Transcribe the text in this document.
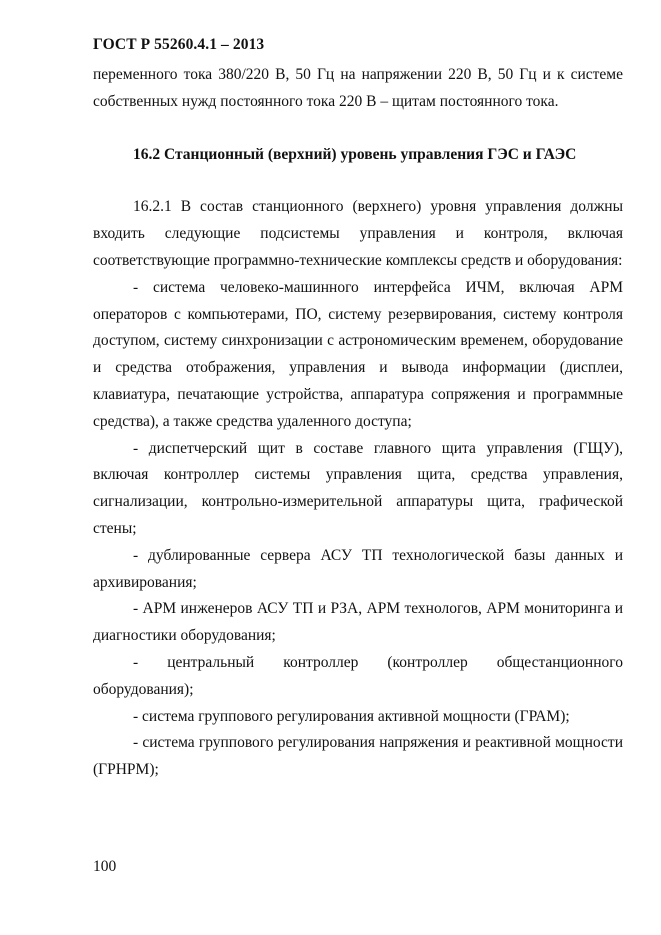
ГОСТ Р 55260.4.1 – 2013

переменного тока 380/220 В, 50 Гц на напряжении 220 В, 50 Гц и к системе собственных нужд постоянного тока 220 В – щитам постоянного тока.

16.2 Станционный (верхний) уровень управления ГЭС и ГАЭС

16.2.1 В состав станционного (верхнего) уровня управления должны входить следующие подсистемы управления и контроля, включая соответствующие программно-технические комплексы средств и оборудования:

- система человеко-машинного интерфейса ИЧМ, включая АРМ операторов с компьютерами, ПО, систему резервирования, систему контроля доступом, систему синхронизации с астрономическим временем, оборудование и средства отображения, управления и вывода информации (дисплеи, клавиатура, печатающие устройства, аппаратура сопряжения и программные средства), а также средства удаленного доступа;

- диспетчерский щит в составе главного щита управления (ГЩУ), включая контроллер системы управления щита, средства управления, сигнализации, контрольно-измерительной аппаратуры щита, графической стены;

- дублированные сервера АСУ ТП технологической базы данных и архивирования;

- АРМ инженеров АСУ ТП и РЗА, АРМ технологов, АРМ мониторинга и диагностики оборудования;

- центральный контроллер (контроллер общестанционного оборудования);

- система группового регулирования активной мощности (ГРАМ);

- система группового регулирования напряжения и реактивной мощности (ГРНРМ);

100
